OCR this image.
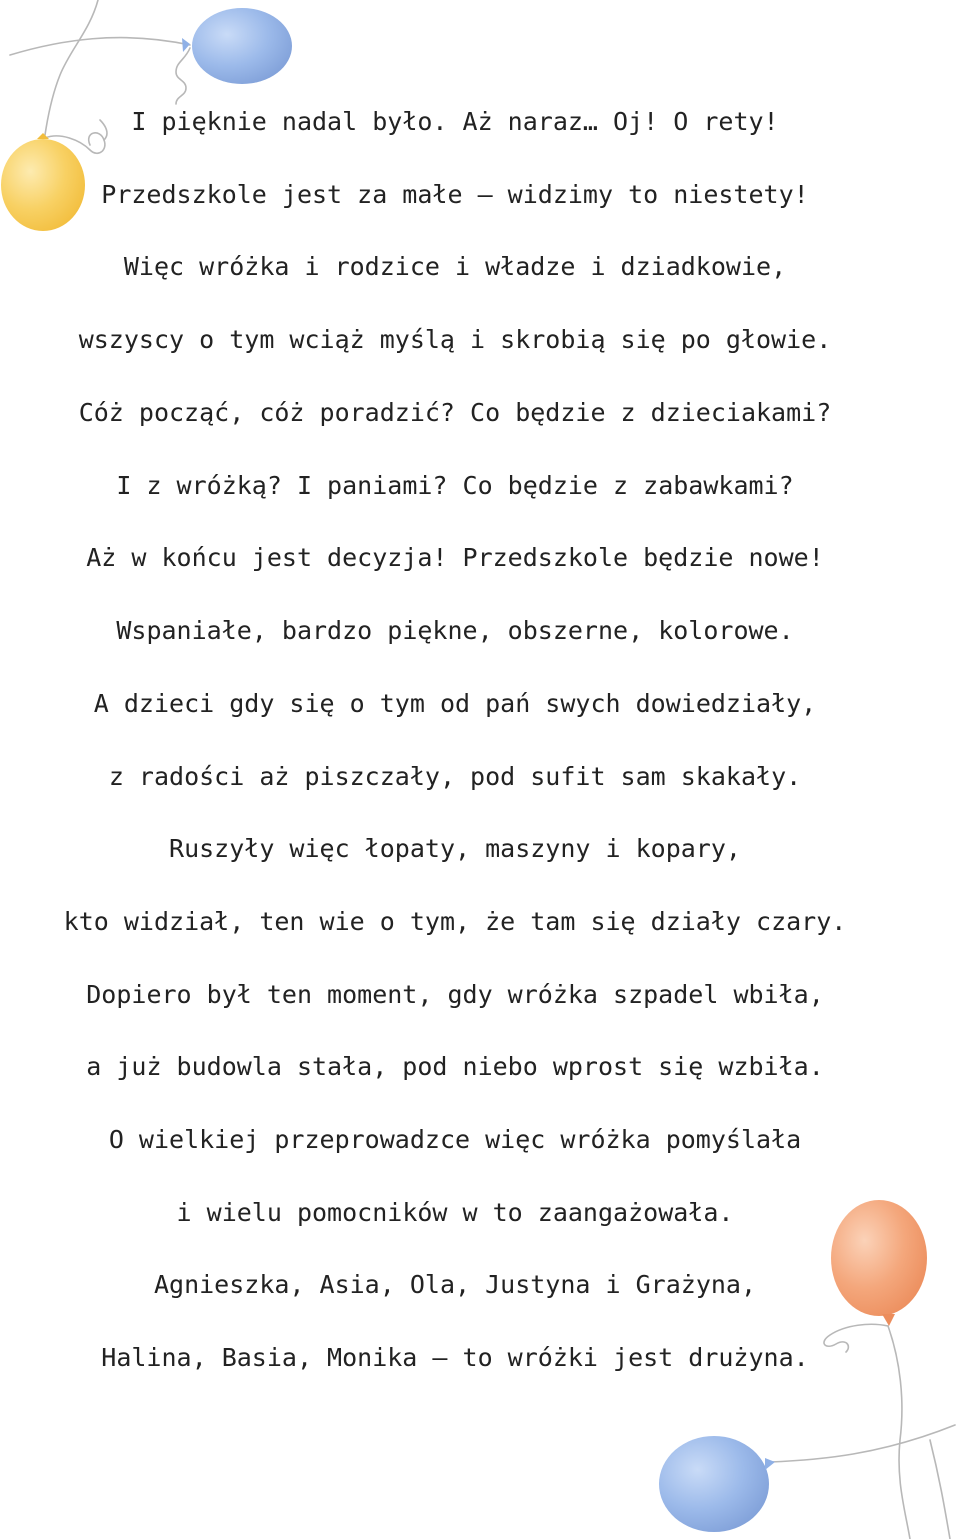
I pięknie nadal było. Aż naraz… Oj! O rety!
Przedszkole jest za małe – widzimy to niestety!
Więc wróżka i rodzice i władze i dziadkowie,
wszyscy o tym wciąż myślą i skrobią się po głowie.
Cóż począć, cóż poradzić? Co będzie z dzieciakami?
I z wróżką? I paniami? Co będzie z zabawkami?
Aż w końcu jest decyzja! Przedszkole będzie nowe!
Wspaniałe, bardzo piękne, obszerne, kolorowe.
A dzieci gdy się o tym od pań swych dowiedziały,
z radości aż piszczały, pod sufit sam skakały.
Ruszyły więc łopaty, maszyny i kopary,
kto widział, ten wie o tym, że tam się działy czary.
Dopiero był ten moment, gdy wróżka szpadel wbiła,
a już budowla stała, pod niebo wprost się wzbiła.
O wielkiej przeprowadzce więc wróżka pomyślała
i wielu pomocników w to zaangażowała.
Agnieszka, Asia, Ola, Justyna i Grażyna,
Halina, Basia, Monika – to wróżki jest drużyna.
